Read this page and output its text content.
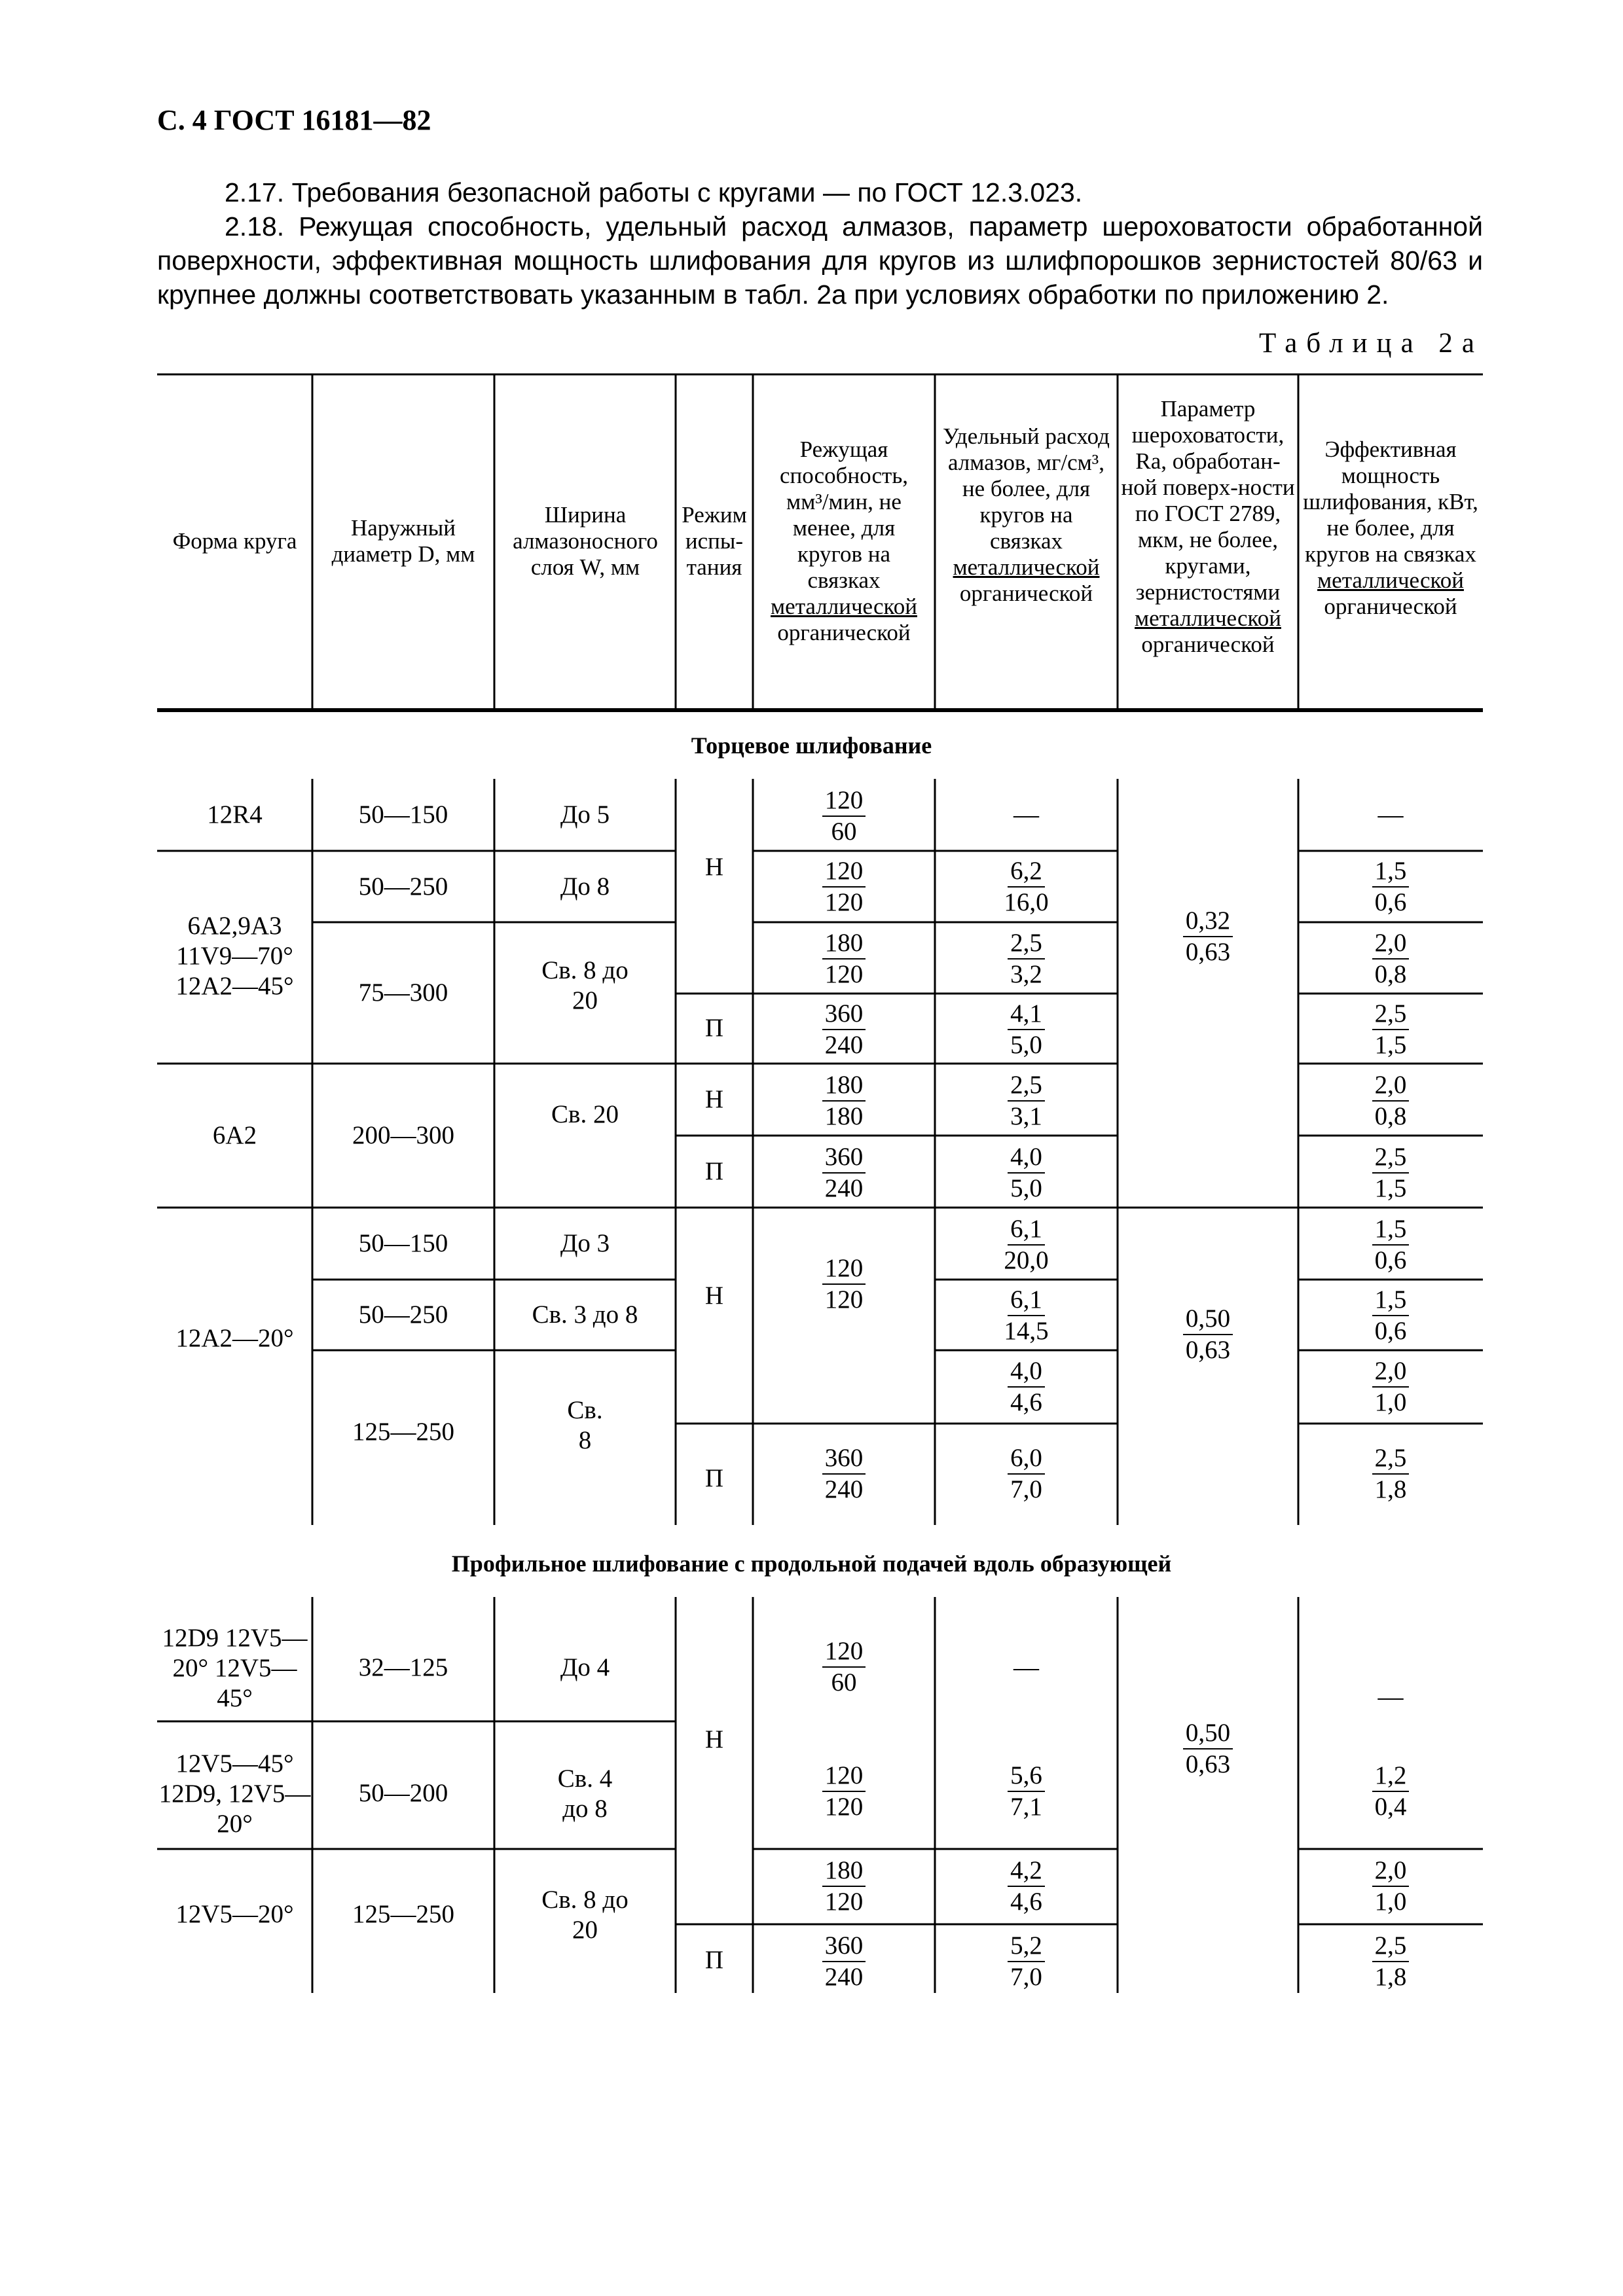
С. 4 ГОСТ 16181—82
2.17. Требования безопасной работы с кругами — по ГОСТ 12.3.023.
2.18. Режущая способность, удельный расход алмазов, параметр шероховатости обработанной поверхности, эффективная мощность шлифования для кругов из шлифпорошков зернистостей 80/63 и крупнее должны соответствовать указанным в табл. 2а при условиях обработки по приложению 2.
Таблица 2а
Форма круга
Наружный диаметр D, мм
Ширина алмазоносного слоя W, мм
Режим испы-тания
Режущая способность, мм³/мин, не менее, для кругов на связках
металлической
органической
Удельный расход алмазов, мг/см³, не более, для кругов на связках
металлической
органической
Параметр шероховатости, Ra, обработан-ной поверх-ности по ГОСТ 2789, мкм, не более, кругами, зернистостями
металлической
органической
Эффективная мощность шлифования, кВт, не более, для кругов на связках
металлической
органической
Торцевое шлифование
12R4
6А2,9А3 11V9—70° 12А2—45°
6А2
12А2—20°
50—150
50—250
75—300
200—300
50—150
50—250
125—250
До 5
До 8
Св. 8 до 20
Св. 20
До 3
Св. 3 до 8
Св. 8
Н
П
Н
П
Н
П
$\frac{120}{60}$
$\frac{120}{120}$
$\frac{180}{120}$
$\frac{360}{240}$
$\frac{180}{180}$
$\frac{360}{240}$
$\frac{120}{120}$
$\frac{360}{240}$
—
$\frac{6,2}{16,0}$
$\frac{2,5}{3,2}$
$\frac{4,1}{5,0}$
$\frac{2,5}{3,1}$
$\frac{4,0}{5,0}$
$\frac{6,1}{20,0}$
$\frac{6,1}{14,5}$
$\frac{4,0}{4,6}$
$\frac{6,0}{7,0}$
$\frac{0,32}{0,63}$
$\frac{0,50}{0,63}$
—
$\frac{1,5}{0,6}$
$\frac{2,0}{0,8}$
$\frac{2,5}{1,5}$
$\frac{2,0}{0,8}$
$\frac{2,5}{1,5}$
$\frac{1,5}{0,6}$
$\frac{1,5}{0,6}$
$\frac{2,0}{1,0}$
$\frac{2,5}{1,8}$
Профильное шлифование с продольной подачей вдоль образующей
12D9 12V5—20° 12V5—45°
12V5—45° 12D9, 12V5—20°
12V5—20°
32—125
50—200
125—250
До 4
Св. 4 до 8
Св. 8 до 20
Н
П
$\frac{120}{60}$
$\frac{120}{120}$
$\frac{180}{120}$
$\frac{360}{240}$
—
$\frac{5,6}{7,1}$
$\frac{4,2}{4,6}$
$\frac{5,2}{7,0}$
$\frac{0,50}{0,63}$
—
$\frac{1,2}{0,4}$
$\frac{2,0}{1,0}$
$\frac{2,5}{1,8}$
